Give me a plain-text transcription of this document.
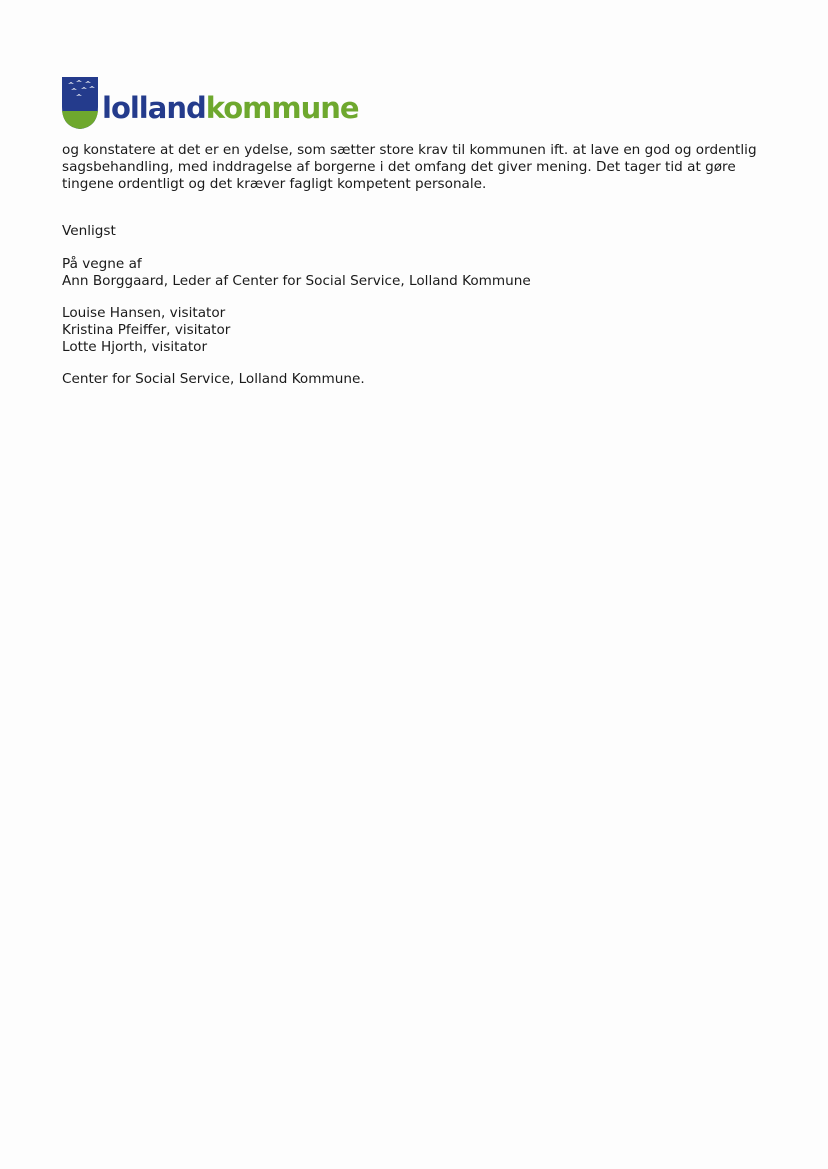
lollandkommune

og konstatere at det er en ydelse, som sætter store krav til kommunen ift. at lave en god og ordentlig
sagsbehandling, med inddragelse af borgerne i det omfang det giver mening. Det tager tid at gøre
tingene ordentligt og det kræver fagligt kompetent personale.

Venligst

På vegne af
Ann Borggaard, Leder af Center for Social Service, Lolland Kommune

Louise Hansen, visitator
Kristina Pfeiffer, visitator
Lotte Hjorth, visitator

Center for Social Service, Lolland Kommune.
